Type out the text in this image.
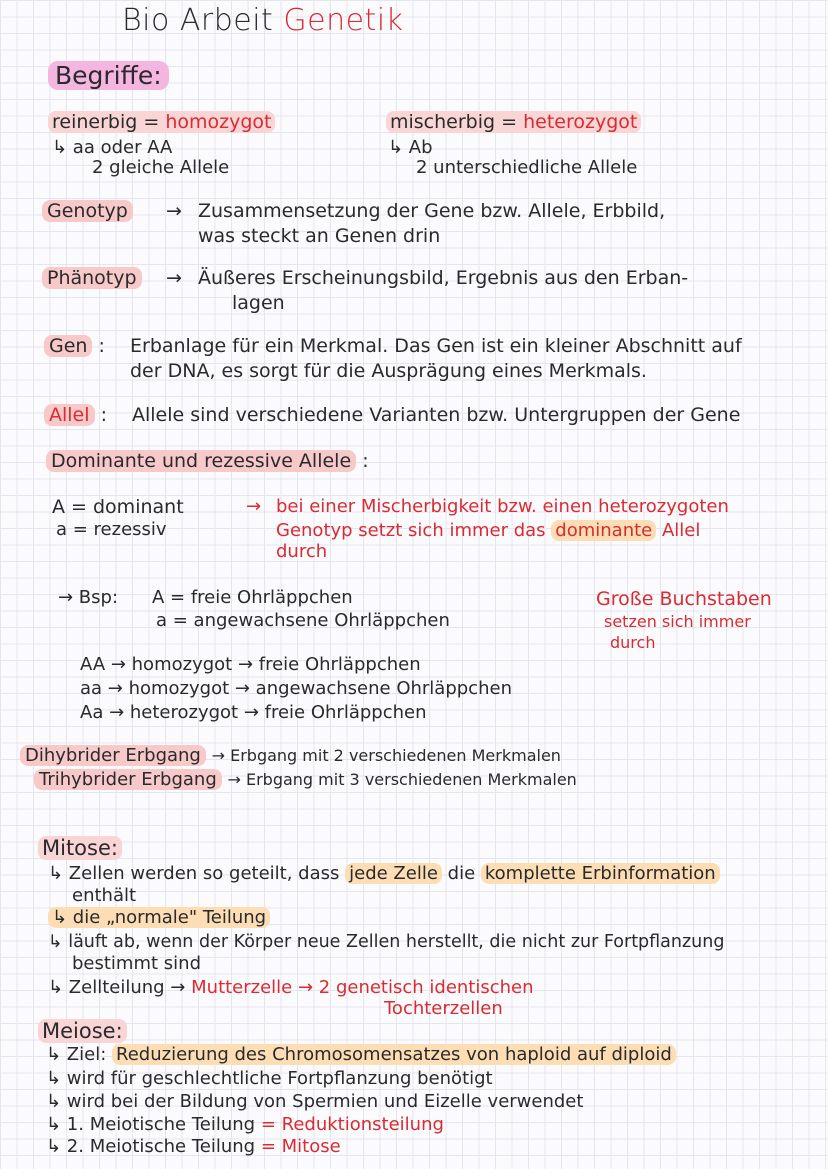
Bio Arbeit Genetik
Begriffe:
reinerbig = homozygot
↳ aa oder AA
2 gleiche Allele
mischerbig = heterozygot
↳ Ab
2 unterschiedliche Allele
Genotyp → Zusammensetzung der Gene bzw. Allele, Erbbild,
was steckt an Genen drin
Phänotyp → Äußeres Erscheinungsbild, Ergebnis aus den Erban-
lagen
Gen : Erbanlage für ein Merkmal. Das Gen ist ein kleiner Abschnitt auf
der DNA, es sorgt für die Ausprägung eines Merkmals.
Allel : Allele sind verschiedene Varianten bzw. Untergruppen der Gene
Dominante und rezessive Allele :
A = dominant
a = rezessiv
→ bei einer Mischerbigkeit bzw. einen heterozygoten
Genotyp setzt sich immer das dominante Allel
durch
→ Bsp: A = freie Ohrläppchen
a = angewachsene Ohrläppchen
AA → homozygot → freie Ohrläppchen
aa → homozygot → angewachsene Ohrläppchen
Aa → heterozygot → freie Ohrläppchen
Große Buchstaben
setzen sich immer
durch
Dihybrider Erbgang → Erbgang mit 2 verschiedenen Merkmalen
Trihybrider Erbgang → Erbgang mit 3 verschiedenen Merkmalen
Mitose:
↳ Zellen werden so geteilt, dass jede Zelle die komplette Erbinformation
enthält
↳ die „normale" Teilung
↳ läuft ab, wenn der Körper neue Zellen herstellt, die nicht zur Fortpflanzung
bestimmt sind
↳ Zellteilung → Mutterzelle → 2 genetisch identischen
Tochterzellen
Meiose:
↳ Ziel: Reduzierung des Chromosomensatzes von haploid auf diploid
↳ wird für geschlechtliche Fortpflanzung benötigt
↳ wird bei der Bildung von Spermien und Eizelle verwendet
↳ 1. Meiotische Teilung = Reduktionsteilung
↳ 2. Meiotische Teilung = Mitose
